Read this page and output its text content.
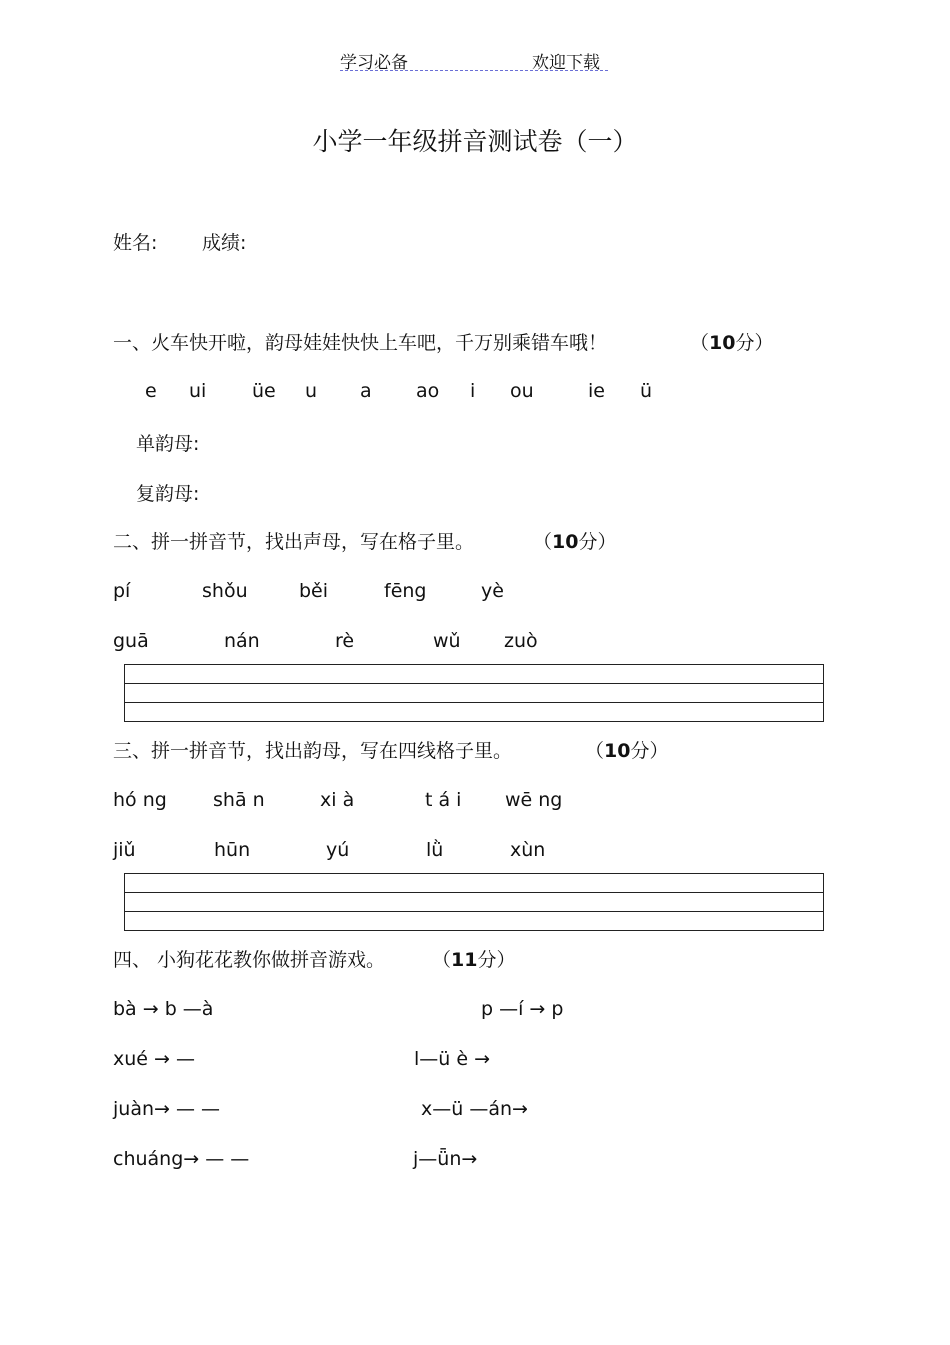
学习必备	欢迎下载
小学一年级拼音测试卷（一）
姓名: 成绩:
一、火车快开啦，韵母娃娃快快上车吧，千万别乘错车哦！	（10分）
e ui üe u a ao i ou	ie ü
单韵母:
复韵母:
二、拼一拼音节，找出声母，写在格子里。	（10分）
pí	shǒu	běi	fēng	yè
guā	nán	rè	wǔ zuò
三、拼一拼音节，找出韵母，写在四线格子里。	（10分）
hó ng shā n	xi à	t á i wē ng
jiǔ	hūn	yú	lǜ	xùn
四、 小狗花花教你做拼音游戏。 （11分）
bà → b —à	p —í → p
xué → —	l—ü è →
juàn→ — —	x—ü —án→
chuáng→ — —	j—ǖn→
